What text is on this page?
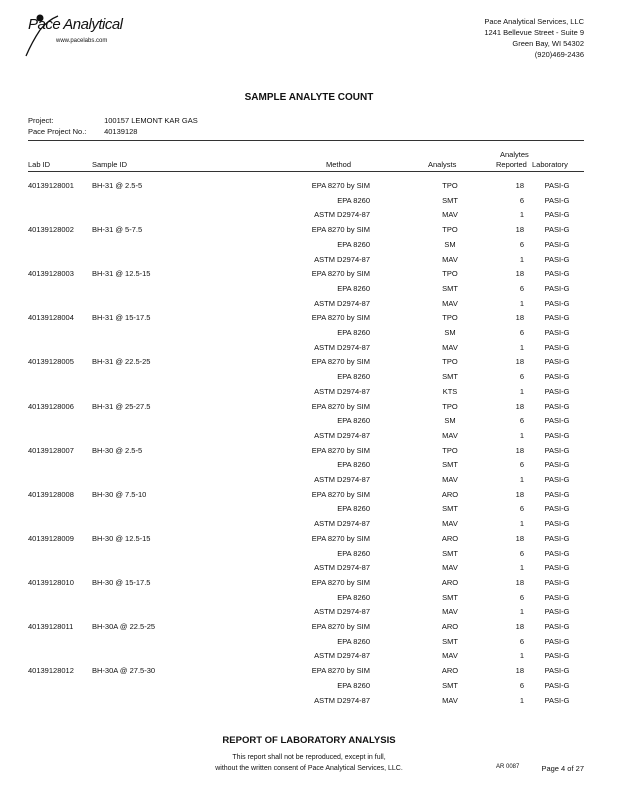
Pace Analytical
www.pacelabs.com
Pace Analytical Services, LLC
1241 Bellevue Street - Suite 9
Green Bay, WI 54302
(920)469-2436
SAMPLE ANALYTE COUNT
Project:	100157 LEMONT KAR GAS
Pace Project No.: 40139128
Lab ID	Sample ID	Method	Analysts
Analytes
Reported Laboratory
40139128001 BH-31 @ 2.5-5	EPA 8270 by SIM	TPO	18	PASI-G
EPA 8260	SMT	6	PASI-G
ASTM D2974-87	MAV	1	PASI-G
40139128002 BH-31 @ 5-7.5	EPA 8270 by SIM	TPO	18	PASI-G
EPA 8260	SM	6	PASI-G
ASTM D2974-87	MAV	1	PASI-G
40139128003 BH-31 @ 12.5-15	EPA 8270 by SIM	TPO	18	PASI-G
EPA 8260	SMT	6	PASI-G
ASTM D2974-87	MAV	1	PASI-G
40139128004 BH-31 @ 15-17.5	EPA 8270 by SIM	TPO	18	PASI-G
EPA 8260	SM	6	PASI-G
ASTM D2974-87	MAV	1	PASI-G
40139128005 BH-31 @ 22.5-25	EPA 8270 by SIM	TPO	18	PASI-G
EPA 8260	SMT	6	PASI-G
ASTM D2974-87	KTS	1	PASI-G
40139128006 BH-31 @ 25-27.5	EPA 8270 by SIM	TPO	18	PASI-G
EPA 8260	SM	6	PASI-G
ASTM D2974-87	MAV	1	PASI-G
40139128007 BH-30 @ 2.5-5	EPA 8270 by SIM	TPO	18	PASI-G
EPA 8260	SMT	6	PASI-G
ASTM D2974-87	MAV	1	PASI-G
40139128008 BH-30 @ 7.5-10	EPA 8270 by SIM	ARO	18	PASI-G
EPA 8260	SMT	6	PASI-G
ASTM D2974-87	MAV	1	PASI-G
40139128009 BH-30 @ 12.5-15	EPA 8270 by SIM	ARO	18	PASI-G
EPA 8260	SMT	6	PASI-G
ASTM D2974-87	MAV	1	PASI-G
40139128010 BH-30 @ 15-17.5	EPA 8270 by SIM	ARO	18	PASI-G
EPA 8260	SMT	6	PASI-G
ASTM D2974-87	MAV	1	PASI-G
40139128011 BH-30A @ 22.5-25	EPA 8270 by SIM	ARO	18	PASI-G
EPA 8260	SMT	6	PASI-G
ASTM D2974-87	MAV	1	PASI-G
40139128012 BH-30A @ 27.5-30	EPA 8270 by SIM	ARO	18	PASI-G
EPA 8260	SMT	6	PASI-G
ASTM D2974-87	MAV	1	PASI-G
REPORT OF LABORATORY ANALYSIS
This report shall not be reproduced, except in full,
without the written consent of Pace Analytical Services, LLC.	AR 0087	Page 4 of 27
